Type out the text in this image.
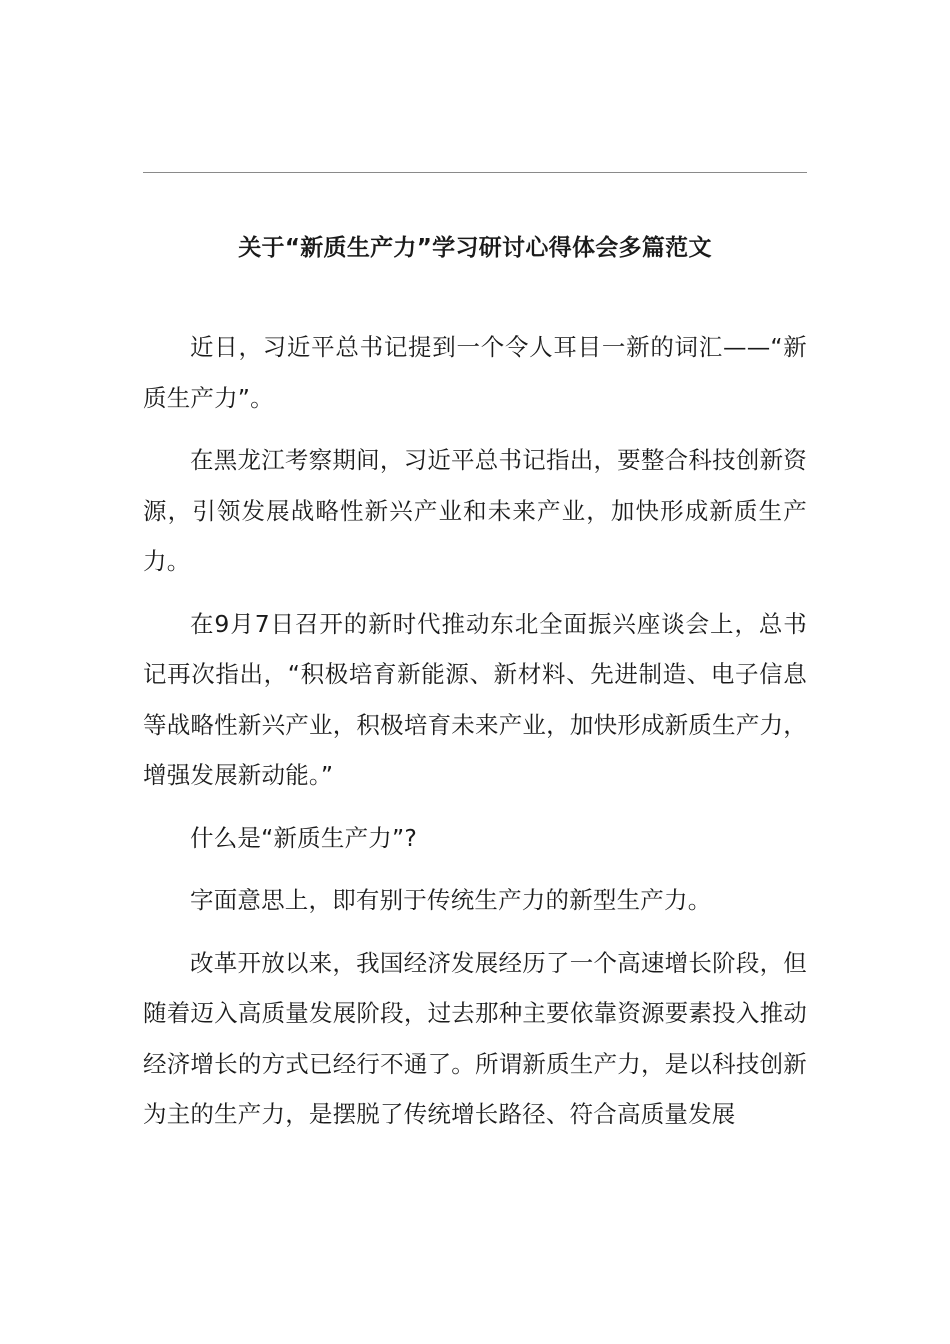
关于“新质生产力”学习研讨心得体会多篇范文

近日，习近平总书记提到一个令人耳目一新的词汇——“新质生产力”。

在黑龙江考察期间，习近平总书记指出，要整合科技创新资源，引领发展战略性新兴产业和未来产业，加快形成新质生产力。

在9月7日召开的新时代推动东北全面振兴座谈会上，总书记再次指出，“积极培育新能源、新材料、先进制造、电子信息等战略性新兴产业，积极培育未来产业，加快形成新质生产力，增强发展新动能。”

什么是“新质生产力”?

字面意思上，即有别于传统生产力的新型生产力。

改革开放以来，我国经济发展经历了一个高速增长阶段，但随着迈入高质量发展阶段，过去那种主要依靠资源要素投入推动经济增长的方式已经行不通了。所谓新质生产力，是以科技创新为主的生产力，是摆脱了传统增长路径、符合高质量发展
